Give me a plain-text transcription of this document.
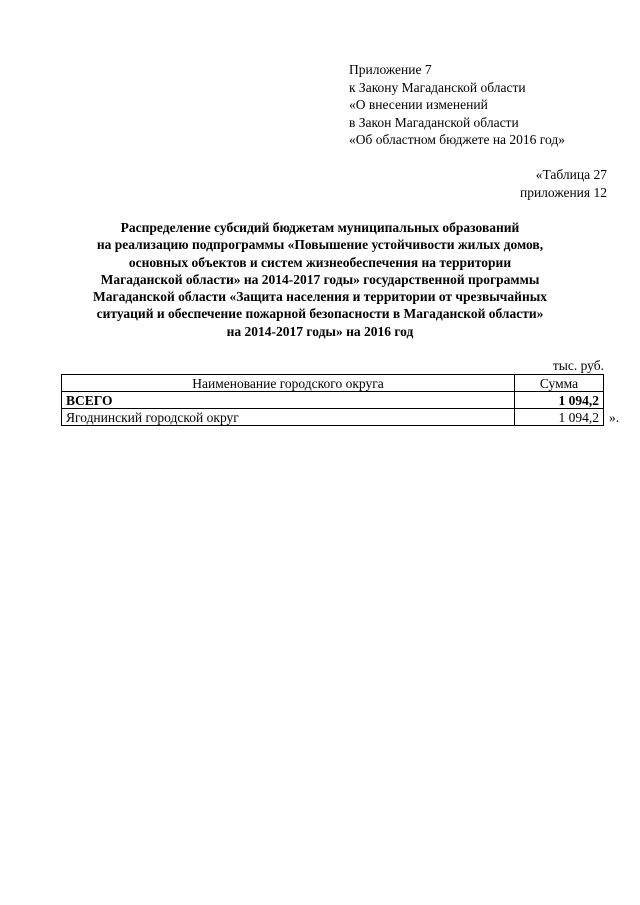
Приложение 7
к Закону Магаданской области
«О внесении изменений
в Закон Магаданской области
«Об областном бюджете на 2016 год»
«Таблица 27
приложения 12
Распределение субсидий бюджетам муниципальных образований
на реализацию подпрограммы «Повышение устойчивости жилых домов,
основных объектов и систем жизнеобеспечения на территории
Магаданской области» на 2014-2017 годы» государственной программы
Магаданской области «Защита населения и территории от чрезвычайных
ситуаций и обеспечение пожарной безопасности в Магаданской области»
на 2014-2017 годы» на 2016 год
тыс. руб.
Наименование городского округа	Сумма
ВСЕГО	1 094,2
Ягоднинский городской округ	1 094,2 ».
